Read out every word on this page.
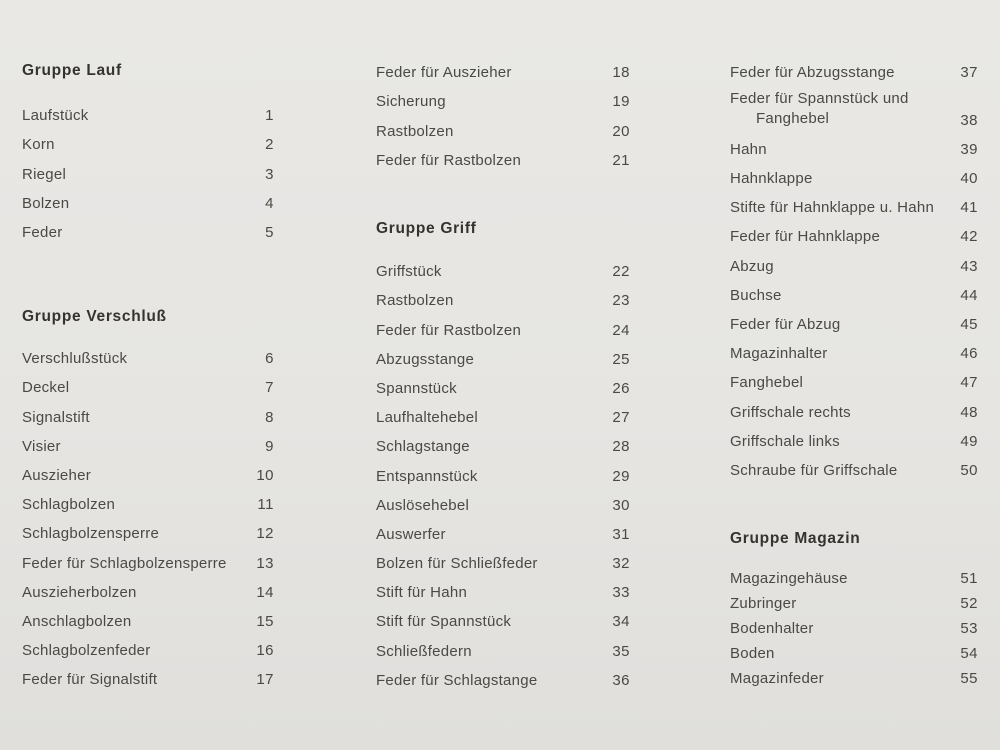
Gruppe Lauf
Laufstück	1
Korn	2
Riegel	3
Bolzen	4
Feder	5
Gruppe Verschluß
Verschlußstück	6
Deckel	7
Signalstift	8
Visier	9
Auszieher	10
Schlagbolzen	11
Schlagbolzensperre	12
Feder für Schlagbolzensperre	13
Auszieherbolzen	14
Anschlagbolzen	15
Schlagbolzenfeder	16
Feder für Signalstift	17
Feder für Auszieher	18
Sicherung	19
Rastbolzen	20
Feder für Rastbolzen	21
Gruppe Griff
Griffstück	22
Rastbolzen	23
Feder für Rastbolzen	24
Abzugsstange	25
Spannstück	26
Laufhaltehebel	27
Schlagstange	28
Entspannstück	29
Auslösehebel	30
Auswerfer	31
Bolzen für Schließfeder	32
Stift für Hahn	33
Stift für Spannstück	34
Schließfedern	35
Feder für Schlagstange	36
Feder für Abzugsstange	37
Feder für Spannstück und
Fanghebel	38
Hahn	39
Hahnklappe	40
Stifte für Hahnklappe u. Hahn	41
Feder für Hahnklappe	42
Abzug	43
Buchse	44
Feder für Abzug	45
Magazinhalter	46
Fanghebel	47
Griffschale rechts	48
Griffschale links	49
Schraube für Griffschale	50
Gruppe Magazin
Magazingehäuse	51
Zubringer	52
Bodenhalter	53
Boden	54
Magazinfeder	55
